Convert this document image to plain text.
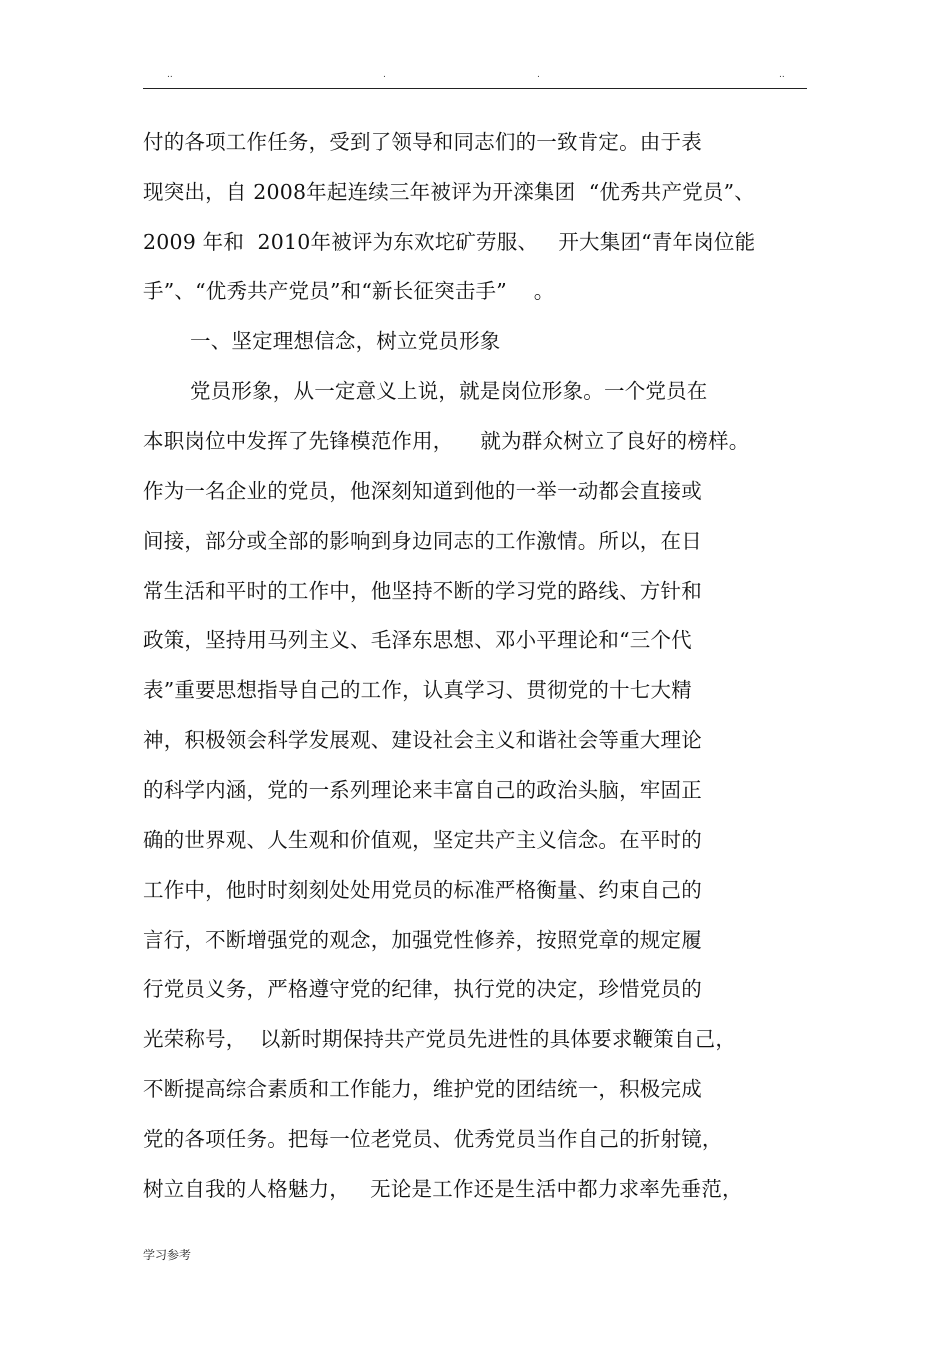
..	.	.	..
付的各项工作任务，受到了领导和同志们的一致肯定。由于表
现突出，自 2008年起连续三年被评为开滦集团  “优秀共产党员”、
2009 年和  2010年被评为东欢坨矿劳服、   开大集团“青年岗位能
手”、“优秀共产党员”和“新长征突击手”    。
一、坚定理想信念，树立党员形象
党员形象，从一定意义上说，就是岗位形象。一个党员在
本职岗位中发挥了先锋模范作用，    就为群众树立了良好的榜样。
作为一名企业的党员，他深刻知道到他的一举一动都会直接或
间接，部分或全部的影响到身边同志的工作激情。所以，在日
常生活和平时的工作中，他坚持不断的学习党的路线、方针和
政策，坚持用马列主义、毛泽东思想、邓小平理论和“三个代
表”重要思想指导自己的工作，认真学习、贯彻党的十七大精
神，积极领会科学发展观、建设社会主义和谐社会等重大理论
的科学内涵，党的一系列理论来丰富自己的政治头脑，牢固正
确的世界观、人生观和价值观，坚定共产主义信念。在平时的
工作中，他时时刻刻处处用党员的标准严格衡量、约束自己的
言行，不断增强党的观念，加强党性修养，按照党章的规定履
行党员义务，严格遵守党的纪律，执行党的决定，珍惜党员的
光荣称号，  以新时期保持共产党员先进性的具体要求鞭策自己，
不断提高综合素质和工作能力，维护党的团结统一，积极完成
党的各项任务。把每一位老党员、优秀党员当作自己的折射镜，
树立自我的人格魅力，   无论是工作还是生活中都力求率先垂范，
学习参考
